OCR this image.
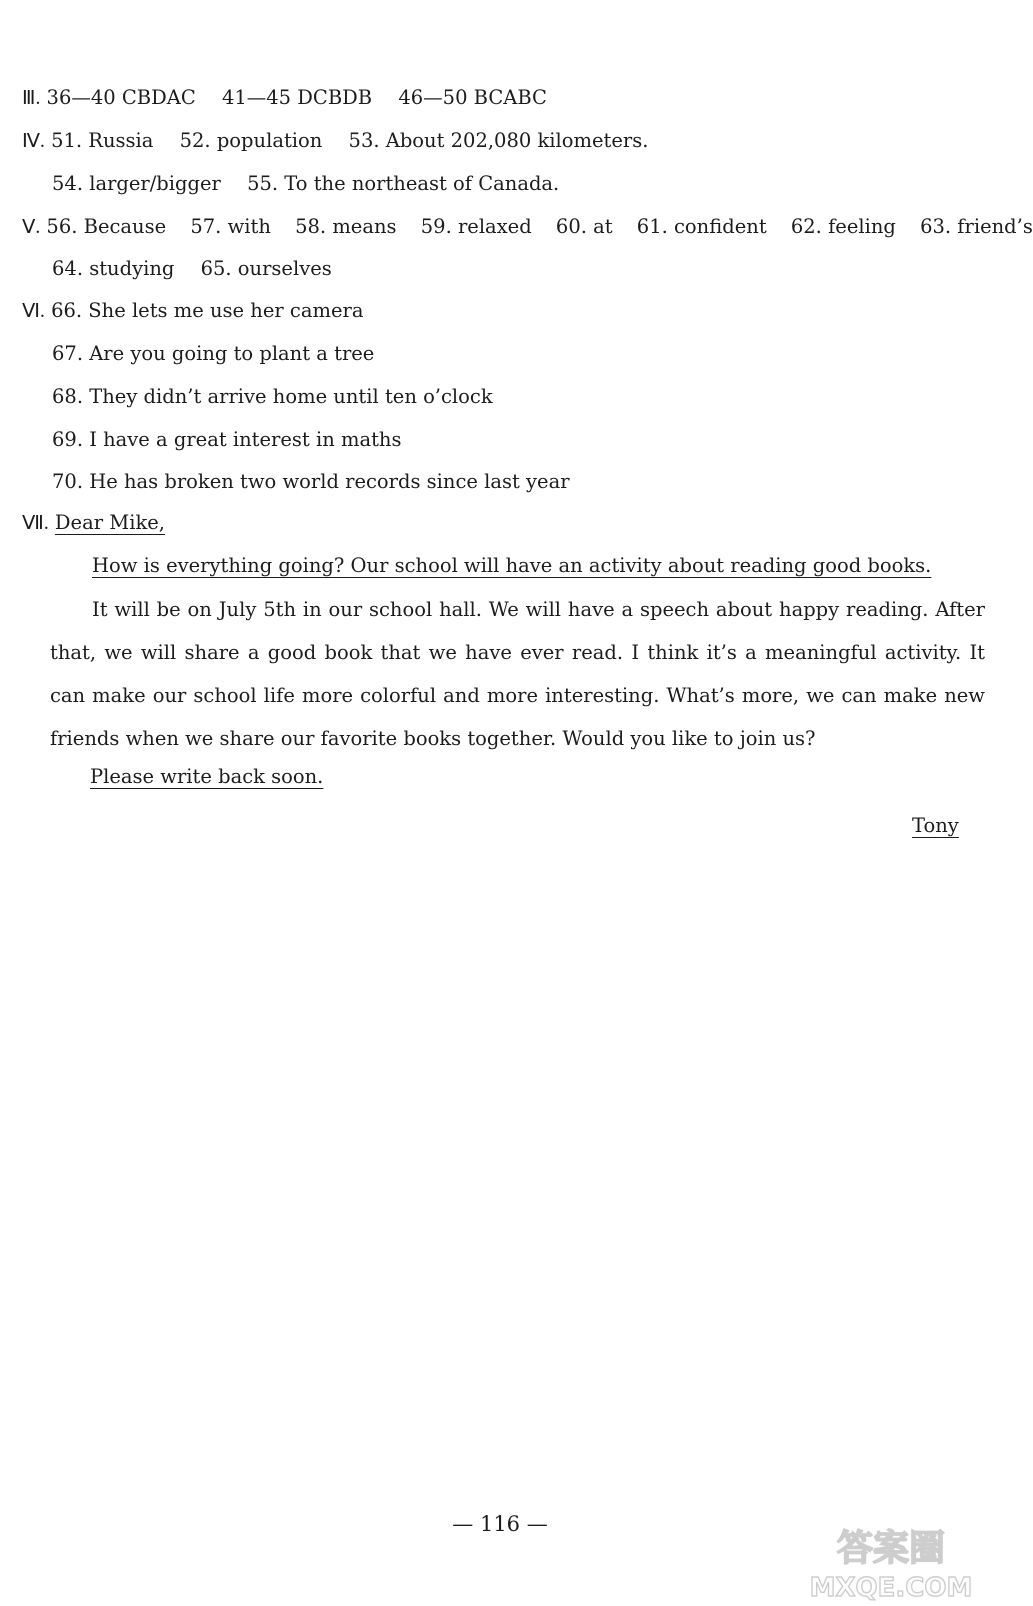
Ⅲ. 36—40 CBDAC 41—45 DCBDB 46—50 BCABC
Ⅳ. 51. Russia 52. population 53. About 202,080 kilometers.
54. larger/bigger 55. To the northeast of Canada.
Ⅴ. 56. Because 57. with 58. means 59. relaxed 60. at 61. confident 62. feeling 63. friend’s
64. studying 65. ourselves
Ⅵ. 66. She lets me use her camera
67. Are you going to plant a tree
68. They didn’t arrive home until ten o’clock
69. I have a great interest in maths
70. He has broken two world records since last year
Ⅶ. Dear Mike,
How is everything going? Our school will have an activity about reading good books.
It will be on July 5th in our school hall. We will have a speech about happy reading. After that, we will share a good book that we have ever read. I think it’s a meaningful activity. It can make our school life more colorful and more interesting. What’s more, we can make new friends when we share our favorite books together. Would you like to join us?
Please write back soon.
Tony
— 116 —
答案圈
MXQE.COM
